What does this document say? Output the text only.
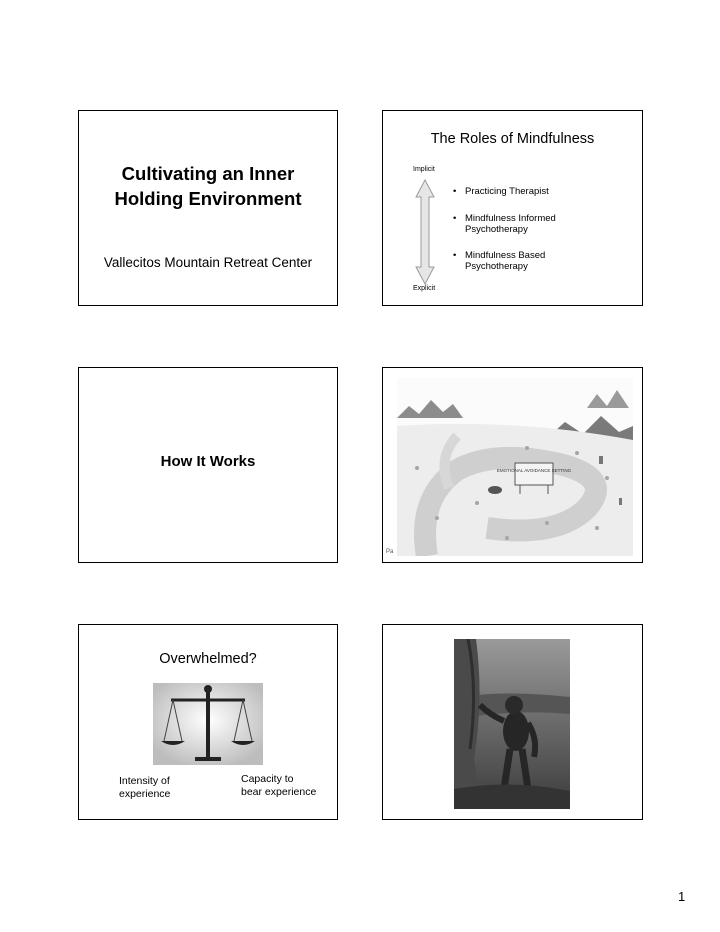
Cultivating an Inner
Holding Environment
Vallecitos Mountain Retreat Center
The Roles of Mindfulness
Implicit
• Practicing Therapist
• Mindfulness Informed
Psychotherapy
• Mindfulness Based
Psychotherapy
Explicit
How It Works
EMOTIONAL AVOIDANCE SETTING
Pa
Overwhelmed?
Intensity of
experience
Capacity to
bear experience
1
